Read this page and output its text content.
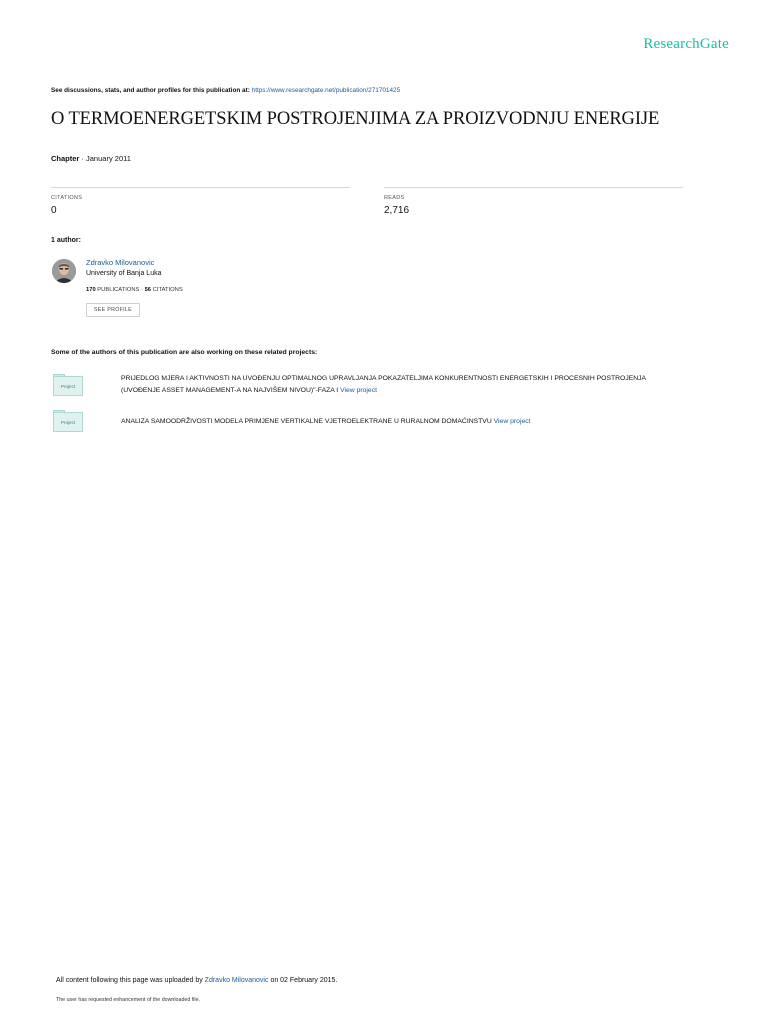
ResearchGate
See discussions, stats, and author profiles for this publication at: https://www.researchgate.net/publication/271701425
O TERMOENERGETSKIM POSTROJENJIMA ZA PROIZVODNJU ENERGIJE
Chapter · January 2011
CITATIONS
0
READS
2,716
1 author:
Zdravko Milovanovic
University of Banja Luka
170 PUBLICATIONS · 56 CITATIONS
SEE PROFILE
Some of the authors of this publication are also working on these related projects:
Project
PRIJEDLOG MJERA I AKTIVNOSTI NA UVOĐENJU OPTIMALNOG UPRAVLJANJA POKAZATELJIMA KONKURENTNOSTI ENERGETSKIH I PROCESNIH POSTROJENJA
(UVOĐENJE ASSET MANAGEMENT-A NA NAJVIŠEM NIVOU)"-FAZA I View project
Project	ANALIZA SAMOODRŽIVOSTI MODELA PRIMJENE VERTIKALNE VJETROELEKTRANE U RURALNOM DOMAĆINSTVU View project
All content following this page was uploaded by Zdravko Milovanovic on 02 February 2015.
The user has requested enhancement of the downloaded file.
